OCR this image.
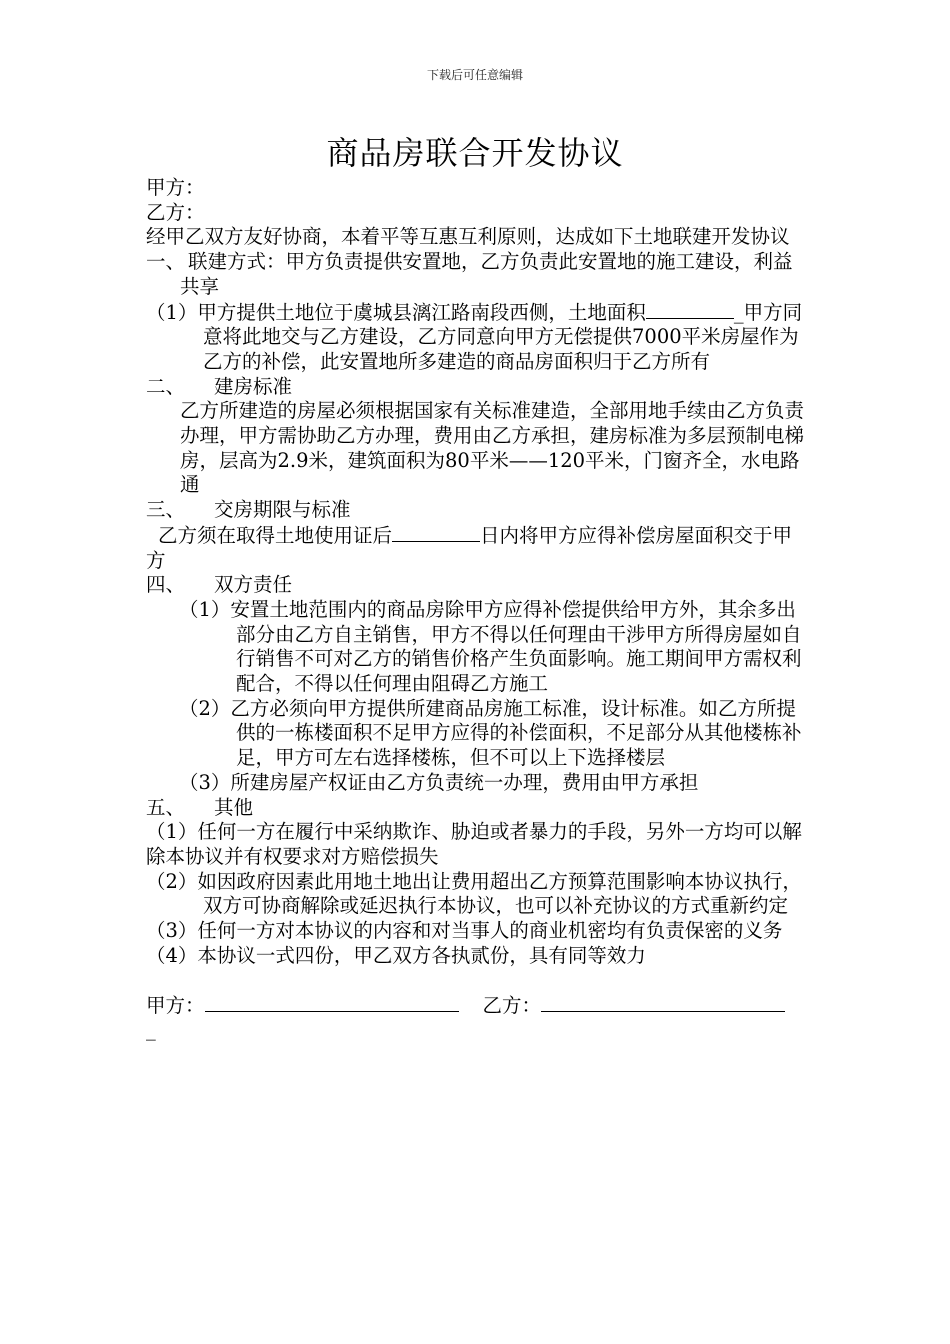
下载后可任意编辑
商品房联合开发协议

甲方：

乙方：

经甲乙双方友好协商，本着平等互惠互利原则，达成如下土地联建开发协议

一、 联建方式：甲方负责提供安置地，乙方负责此安置地的施工建设，利益共享

（1）甲方提供土地位于虞城县漓江路南段西侧，土地面积	_甲方同意将此地交与乙方建设，乙方同意向甲方无偿提供7000平米房屋作为乙方的补偿，此安置地所多建造的商品房面积归于乙方所有

二、 建房标准

乙方所建造的房屋必须根据国家有关标准建造，全部用地手续由乙方负责办理，甲方需协助乙方办理，费用由乙方承担，建房标准为多层预制电梯房，层高为2.9米，建筑面积为80平米——120平米，门窗齐全，水电路通

三、 交房期限与标准

乙方须在取得土地使用证后	日内将甲方应得补偿房屋面积交于甲方

四、 双方责任

（1）安置土地范围内的商品房除甲方应得补偿提供给甲方外，其余多出部分由乙方自主销售，甲方不得以任何理由干涉甲方所得房屋如自行销售不可对乙方的销售价格产生负面影响。施工期间甲方需权利配合，不得以任何理由阻碍乙方施工

（2）乙方必须向甲方提供所建商品房施工标准，设计标准。如乙方所提供的一栋楼面积不足甲方应得的补偿面积，不足部分从其他楼栋补足，甲方可左右选择楼栋，但不可以上下选择楼层

（3）所建房屋产权证由乙方负责统一办理，费用由甲方承担

五、 其他

（1）任何一方在履行中采纳欺诈、胁迫或者暴力的手段，另外一方均可以解除本协议并有权要求对方赔偿损失

（2）如因政府因素此用地土地出让费用超出乙方预算范围影响本协议执行，双方可协商解除或延迟执行本协议，也可以补充协议的方式重新约定

（3）任何一方对本协议的内容和对当事人的商业机密均有负责保密的义务

（4）本协议一式四份，甲乙双方各执贰份，具有同等效力

甲方：	乙方：

_
